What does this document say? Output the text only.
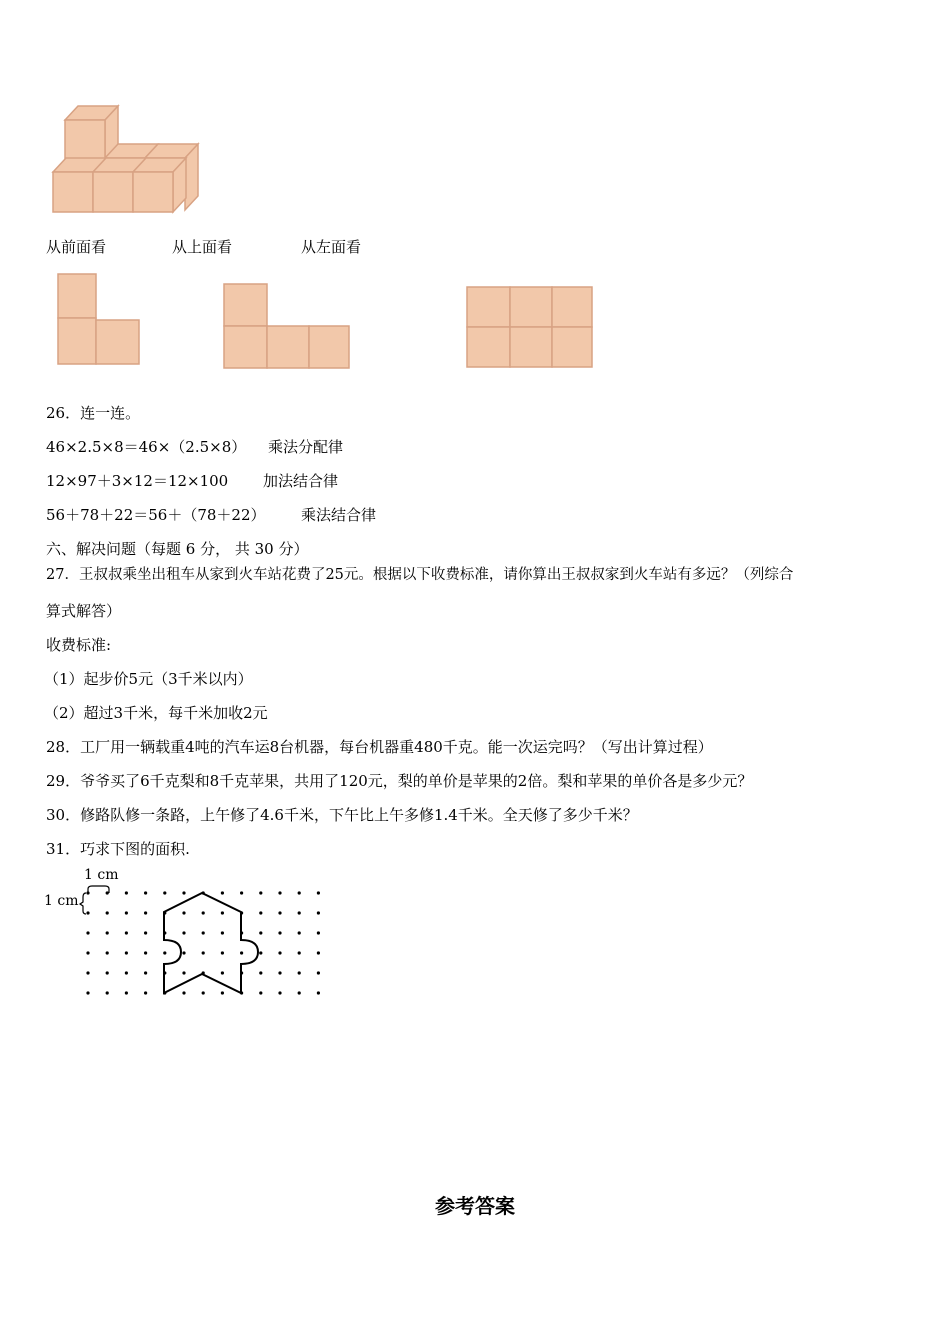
从前面看	从上面看	从左面看
26．连一连。
46×2.5×8＝46×（2.5×8） 乘法分配律
12×97＋3×12＝12×100 加法结合律
56＋78＋22＝56＋（78＋22） 乘法结合律
六、解决问题（每题 6 分， 共 30 分）
27．王叔叔乘坐出租车从家到火车站花费了25元。根据以下收费标准，请你算出王叔叔家到火车站有多远？（列综合
算式解答）
收费标准:
（1）起步价5元（3千米以内）
（2）超过3千米，每千米加收2元
28．工厂用一辆载重4吨的汽车运8台机器，每台机器重480千克。能一次运完吗？（写出计算过程）
29．爷爷买了6千克梨和8千克苹果，共用了120元，梨的单价是苹果的2倍。梨和苹果的单价各是多少元？
30．修路队修一条路，上午修了4.6千米，下午比上午多修1.4千米。全天修了多少千米？
31．巧求下图的面积.
1 cm
1 cm
参考答案
